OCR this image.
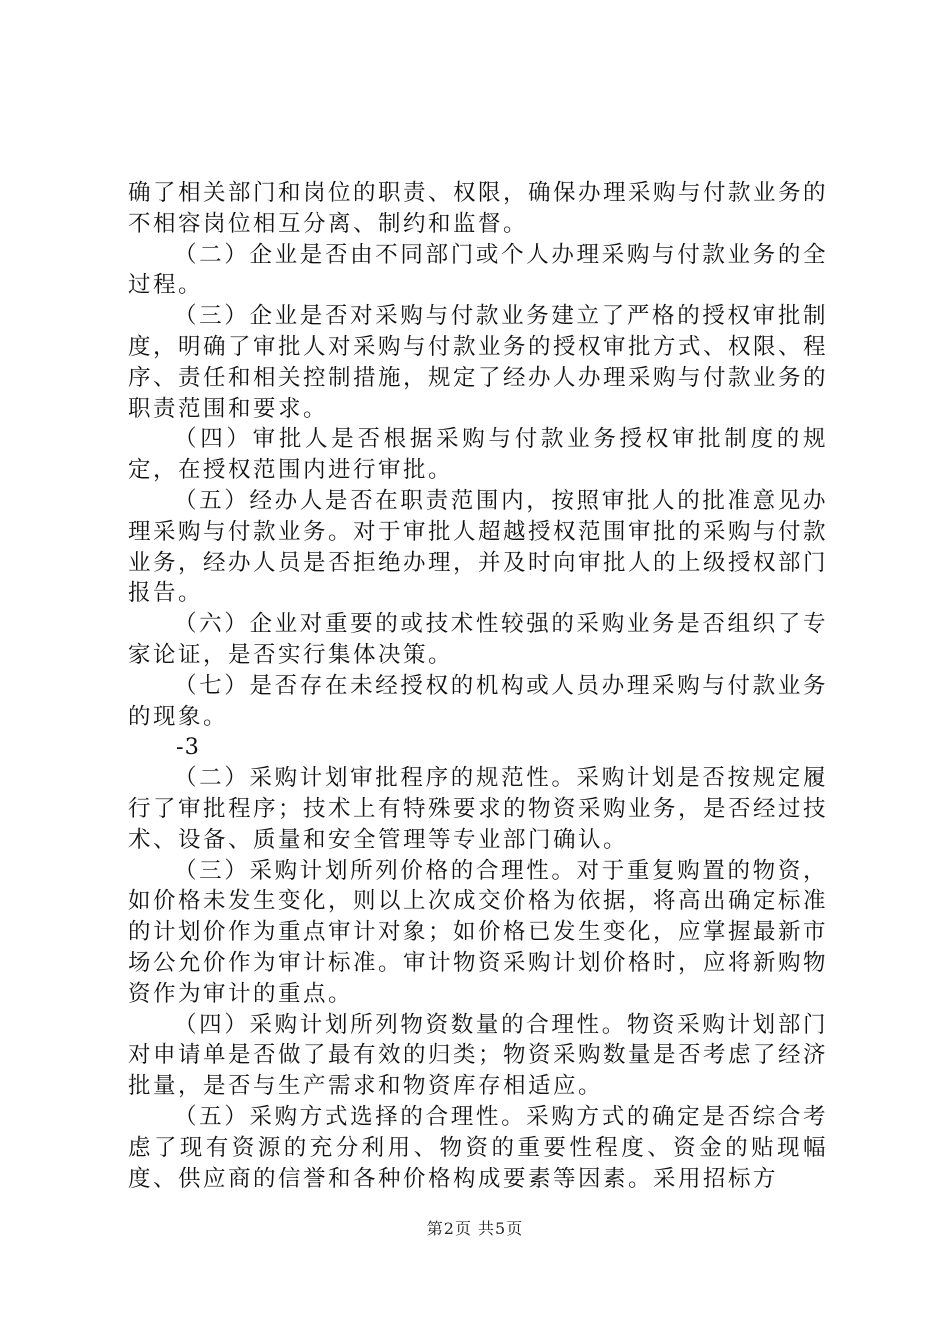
确了相关部门和岗位的职责、权限，确保办理采购与付款业务的不相容岗位相互分离、制约和监督。

（二）企业是否由不同部门或个人办理采购与付款业务的全过程。

（三）企业是否对采购与付款业务建立了严格的授权审批制度，明确了审批人对采购与付款业务的授权审批方式、权限、程序、责任和相关控制措施，规定了经办人办理采购与付款业务的职责范围和要求。

（四）审批人是否根据采购与付款业务授权审批制度的规定，在授权范围内进行审批。

（五）经办人是否在职责范围内，按照审批人的批准意见办理采购与付款业务。对于审批人超越授权范围审批的采购与付款业务，经办人员是否拒绝办理，并及时向审批人的上级授权部门报告。

（六）企业对重要的或技术性较强的采购业务是否组织了专家论证，是否实行集体决策。

（七）是否存在未经授权的机构或人员办理采购与付款业务的现象。

-3

（二）采购计划审批程序的规范性。采购计划是否按规定履行了审批程序；技术上有特殊要求的物资采购业务，是否经过技术、设备、质量和安全管理等专业部门确认。

（三）采购计划所列价格的合理性。对于重复购置的物资，如价格未发生变化，则以上次成交价格为依据，将高出确定标准的计划价作为重点审计对象；如价格已发生变化，应掌握最新市场公允价作为审计标准。审计物资采购计划价格时，应将新购物资作为审计的重点。

（四）采购计划所列物资数量的合理性。物资采购计划部门对申请单是否做了最有效的归类；物资采购数量是否考虑了经济批量，是否与生产需求和物资库存相适应。

（五）采购方式选择的合理性。采购方式的确定是否综合考虑了现有资源的充分利用、物资的重要性程度、资金的贴现幅度、供应商的信誉和各种价格构成要素等因素。采用招标方

第2页 共5页
